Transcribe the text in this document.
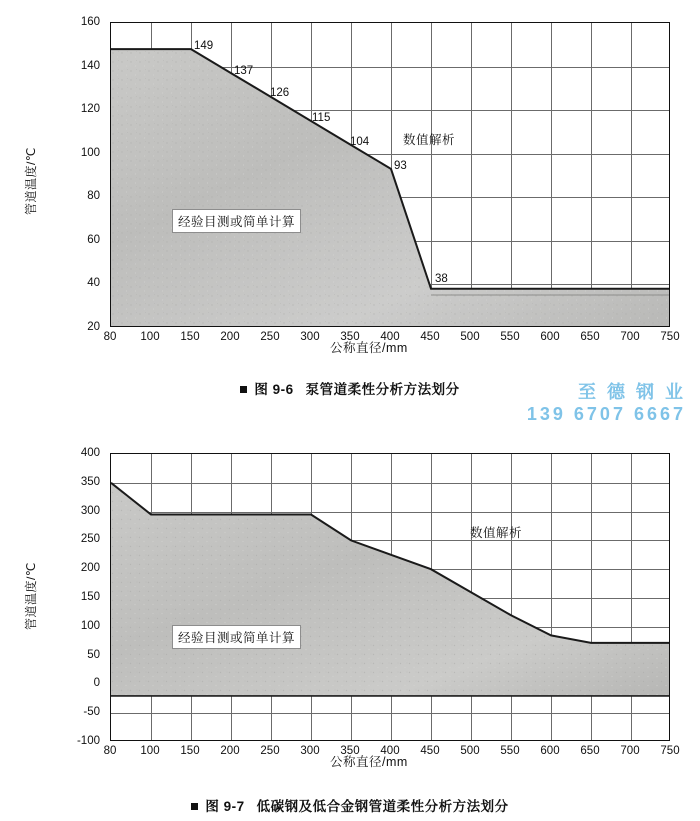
管道温度/℃
公称直径/mm
160
140
120
100
80
60
40
20
80	100	150	200	250	300	350	400	450	500	550	600	650	700	750
149
137
126
115
104
93
38
经验目测或简单计算
数值解析
图 9-6 泵管道柔性分析方法划分	至 德 钢 业
139 6707 6667
管道温度/℃
公称直径/mm
400
350
300
250
200
150
100
50
0
-50
-100
80	100	150	200	250	300	350	400	450	500	550	600	650	700	750
经验目测或简单计算
数值解析
图 9-7 低碳钢及低合金钢管道柔性分析方法划分
